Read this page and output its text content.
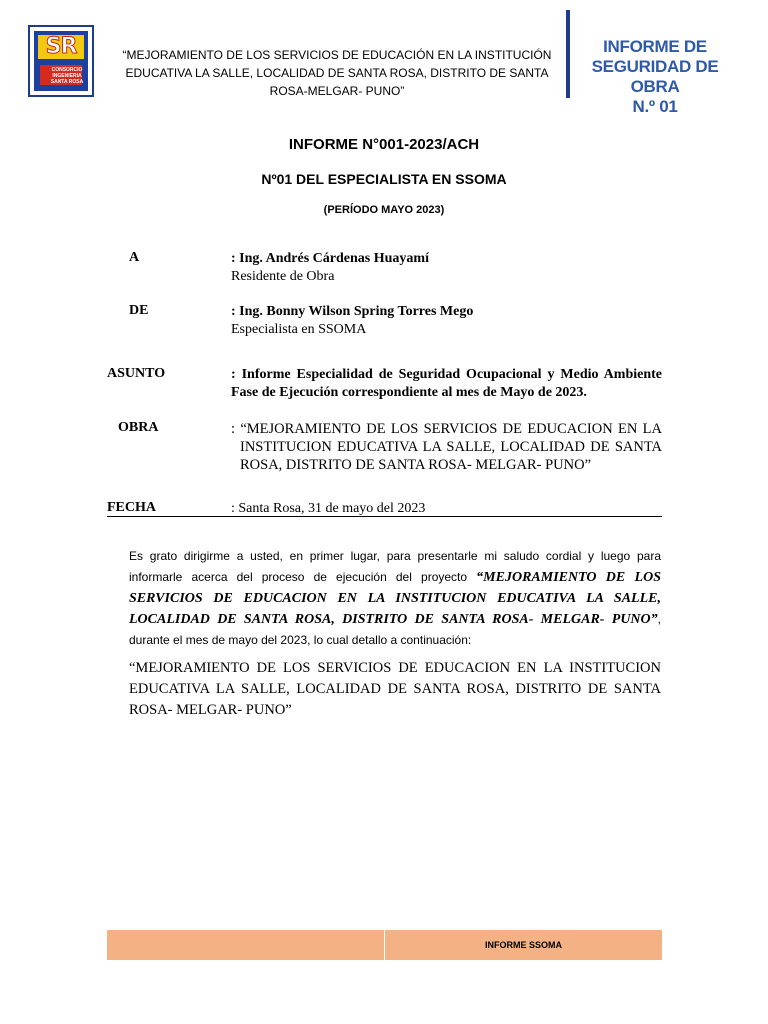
SR
CONSORCIO
INGENIERIA
SANTA ROSA
“MEJORAMIENTO DE LOS SERVICIOS DE EDUCACIÓN EN LA INSTITUCIÓN EDUCATIVA LA SALLE, LOCALIDAD DE SANTA ROSA, DISTRITO DE SANTA ROSA-MELGAR- PUNO”
INFORME DE
SEGURIDAD DE OBRA
N.º 01
INFORME N°001-2023/ACH
Nº01 DEL ESPECIALISTA EN SSOMA
(PERÍODO MAYO 2023)
A	: Ing. Andrés Cárdenas Huayamí
Residente de Obra
DE	: Ing. Bonny Wilson Spring Torres Mego
Especialista en SSOMA
ASUNTO	: Informe Especialidad de Seguridad Ocupacional y Medio Ambiente
Fase de Ejecución correspondiente al mes de Mayo de 2023.
OBRA	: “MEJORAMIENTO DE LOS SERVICIOS DE EDUCACION EN LA
INSTITUCION EDUCATIVA LA SALLE, LOCALIDAD DE SANTA
ROSA, DISTRITO DE SANTA ROSA- MELGAR- PUNO”
FECHA	: Santa Rosa, 31 de mayo del 2023
Es grato dirigirme a usted, en primer lugar, para presentarle mi saludo cordial y luego para informarle acerca del proceso de ejecución del proyecto “MEJORAMIENTO DE LOS SERVICIOS DE EDUCACION EN LA INSTITUCION EDUCATIVA LA SALLE, LOCALIDAD DE SANTA ROSA, DISTRITO DE SANTA ROSA- MELGAR- PUNO”, durante el mes de mayo del 2023, lo cual detallo a continuación:
“MEJORAMIENTO DE LOS SERVICIOS DE EDUCACION EN LA INSTITUCION EDUCATIVA LA SALLE, LOCALIDAD DE SANTA ROSA, DISTRITO DE SANTA ROSA- MELGAR- PUNO”
INFORME SSOMA
